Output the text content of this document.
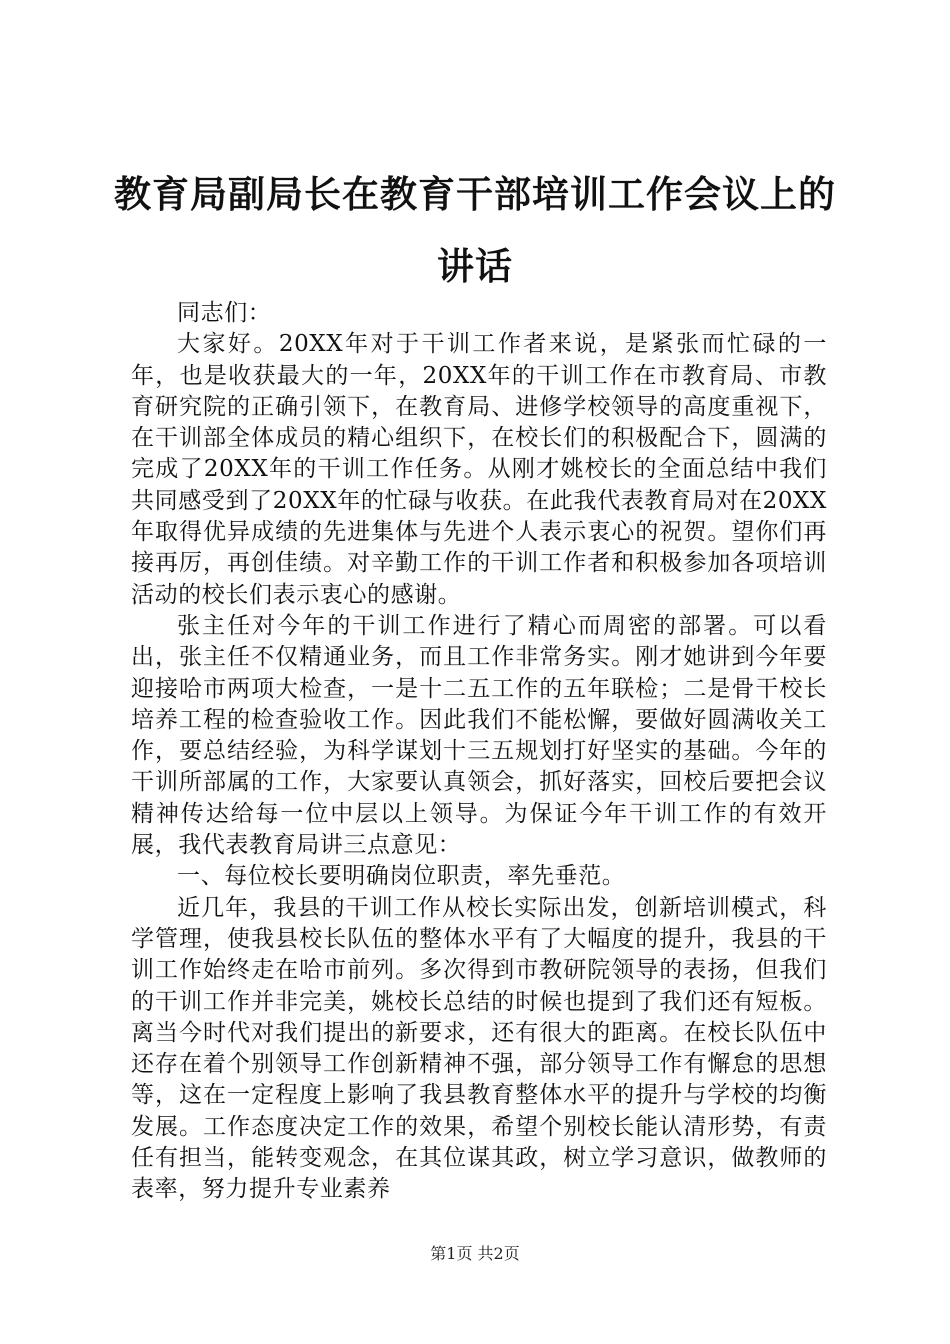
教育局副局长在教育干部培训工作会议上的讲话

同志们：

大家好。20XX年对于干训工作者来说，是紧张而忙碌的一年，也是收获最大的一年，20XX年的干训工作在市教育局、市教育研究院的正确引领下，在教育局、进修学校领导的高度重视下，在干训部全体成员的精心组织下，在校长们的积极配合下，圆满的完成了20XX年的干训工作任务。从刚才姚校长的全面总结中我们共同感受到了20XX年的忙碌与收获。在此我代表教育局对在20XX年取得优异成绩的先进集体与先进个人表示衷心的祝贺。望你们再接再厉，再创佳绩。对辛勤工作的干训工作者和积极参加各项培训活动的校长们表示衷心的感谢。

张主任对今年的干训工作进行了精心而周密的部署。可以看出，张主任不仅精通业务，而且工作非常务实。刚才她讲到今年要迎接哈市两项大检查，一是十二五工作的五年联检；二是骨干校长培养工程的检查验收工作。因此我们不能松懈，要做好圆满收关工作，要总结经验，为科学谋划十三五规划打好坚实的基础。今年的干训所部属的工作，大家要认真领会，抓好落实，回校后要把会议精神传达给每一位中层以上领导。为保证今年干训工作的有效开展，我代表教育局讲三点意见：

一、每位校长要明确岗位职责，率先垂范。

近几年，我县的干训工作从校长实际出发，创新培训模式，科学管理，使我县校长队伍的整体水平有了大幅度的提升，我县的干训工作始终走在哈市前列。多次得到市教研院领导的表扬，但我们的干训工作并非完美，姚校长总结的时候也提到了我们还有短板。离当今时代对我们提出的新要求，还有很大的距离。在校长队伍中还存在着个别领导工作创新精神不强，部分领导工作有懈怠的思想等，这在一定程度上影响了我县教育整体水平的提升与学校的均衡发展。工作态度决定工作的效果，希望个别校长能认清形势，有责任有担当，能转变观念，在其位谋其政，树立学习意识，做教师的表率，努力提升专业素养

第1页 共2页
